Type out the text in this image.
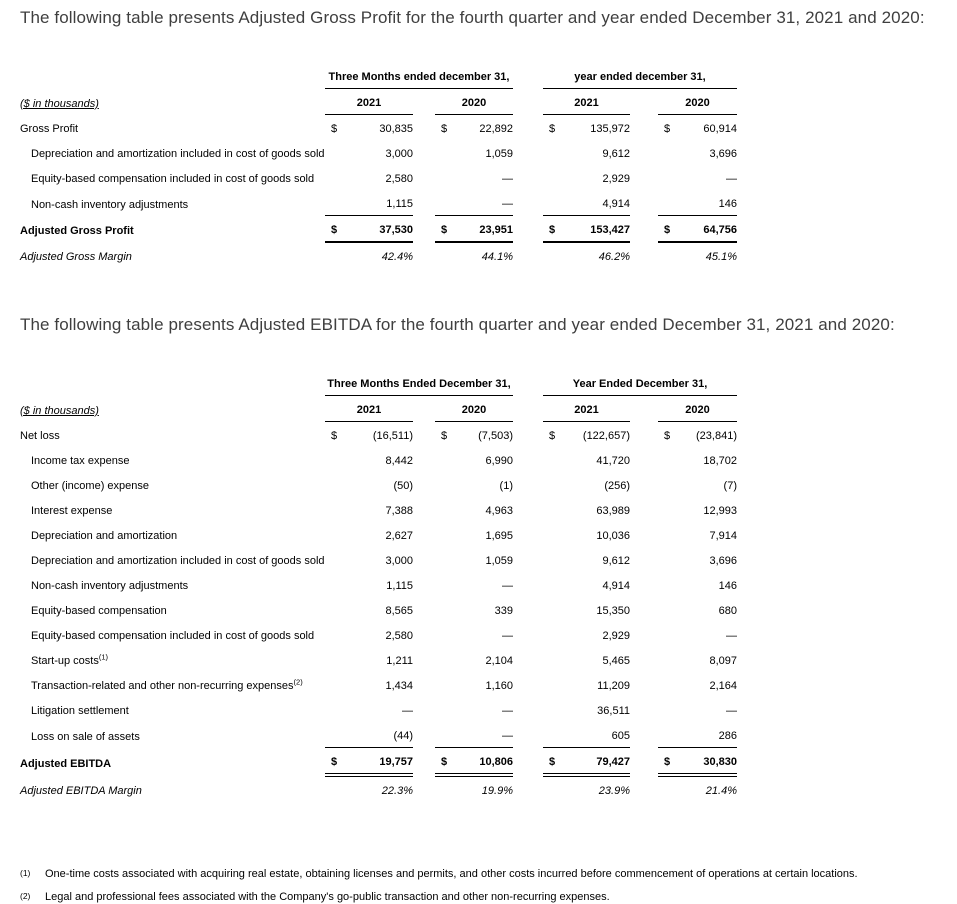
The following table presents Adjusted Gross Profit for the fourth quarter and year ended December 31, 2021 and 2020:

	Three Months ended december 31,				year ended december 31,		
($ in thousands)	2021		2020		2021		2020
Gross Profit	$ 30,835		$ 22,892		$ 135,972		$ 60,914
Depreciation and amortization included in cost of goods sold	3,000		1,059		9,612		3,696
Equity-based compensation included in cost of goods sold	2,580		—		2,929		—
Non-cash inventory adjustments	1,115		—		4,914		146
Adjusted Gross Profit	$ 37,530		$ 23,951		$ 153,427		$ 64,756
Adjusted Gross Margin	42.4%		44.1%		46.2%		45.1%

The following table presents Adjusted EBITDA for the fourth quarter and year ended December 31, 2021 and 2020:

	Three Months Ended December 31,				Year Ended December 31,		
($ in thousands)	2021		2020		2021		2020
Net loss	$ (16,511)		$ (7,503)		$ (122,657)		$ (23,841)
Income tax expense	8,442		6,990		41,720		18,702
Other (income) expense	(50)		(1)		(256)		(7)
Interest expense	7,388		4,963		63,989		12,993
Depreciation and amortization	2,627		1,695		10,036		7,914
Depreciation and amortization included in cost of goods sold	3,000		1,059		9,612		3,696
Non-cash inventory adjustments	1,115		—		4,914		146
Equity-based compensation	8,565		339		15,350		680
Equity-based compensation included in cost of goods sold	2,580		—		2,929		—
Start-up costs$^{(1)}$	1,211		2,104		5,465		8,097
Transaction-related and other non-recurring expenses$^{(2)}$	1,434		1,160		11,209		2,164
Litigation settlement	—		—		36,511		—
Loss on sale of assets	(44)		—		605		286
Adjusted EBITDA	$ 19,757		$ 10,806		$ 79,427		$ 30,830
Adjusted EBITDA Margin	22.3%		19.9%		23.9%		21.4%
(1)	One-time costs associated with acquiring real estate, obtaining licenses and permits, and other costs incurred before commencement of operations at certain locations.
(2)	Legal and professional fees associated with the Company's go-public transaction and other non-recurring expenses.
